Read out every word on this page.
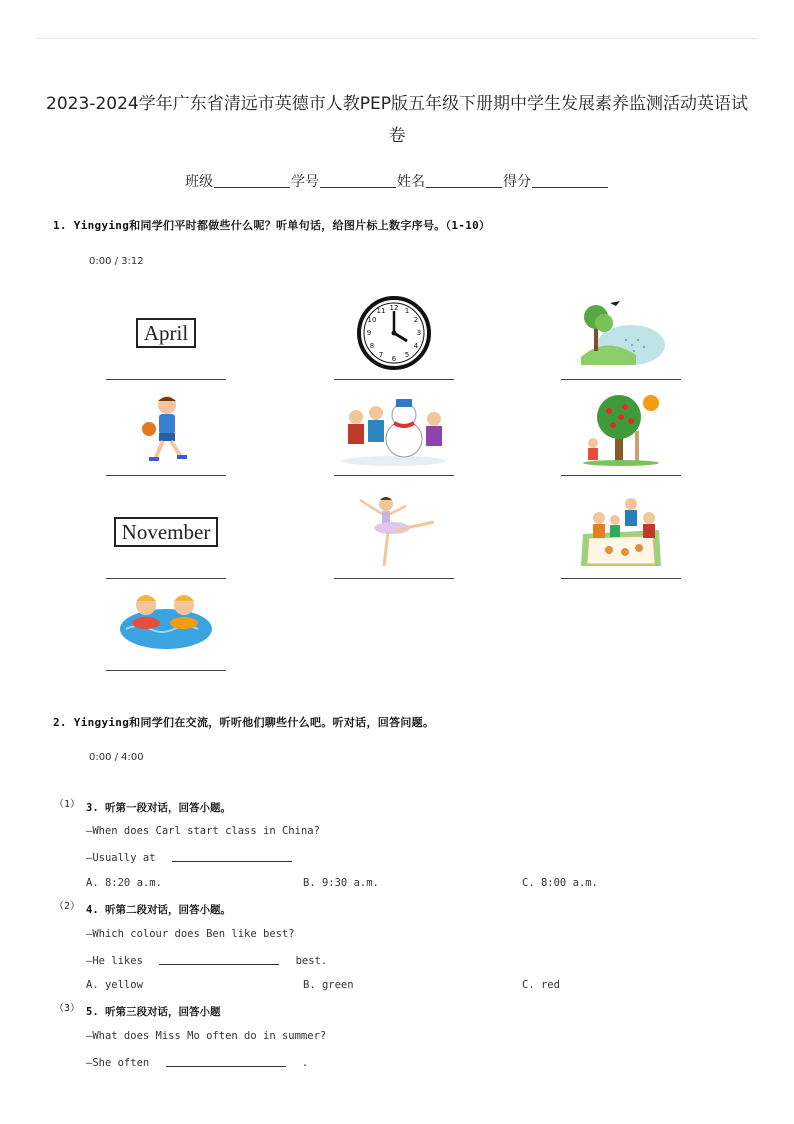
2023-2024学年广东省清远市英德市人教PEP版五年级下册期中学生发展素养监测活动英语试
卷
班级	学号	姓名	得分
1. Yingying和同学们平时都做些什么呢？听单句话，给图片标上数字序号。（1-10）
0:00 / 3:12
April
12 1
2
3
4
5
6
7
8
9
10
11
November
2. Yingying和同学们在交流，听听他们聊些什么吧。听对话，回答问题。
0:00 / 4:00
（1） 3. 听第一段对话，回答小题。
—When does Carl start class in China?
—Usually at
A. 8:20 a.m.	B. 9:30 a.m.	C. 8:00 a.m.
（2） 4. 听第二段对话，回答小题。
—Which colour does Ben like best?
—He likes	best.
A. yellow	B. green	C. red
（3） 5. 听第三段对话，回答小题
—What does Miss Mo often do in summer?
—She often	.
